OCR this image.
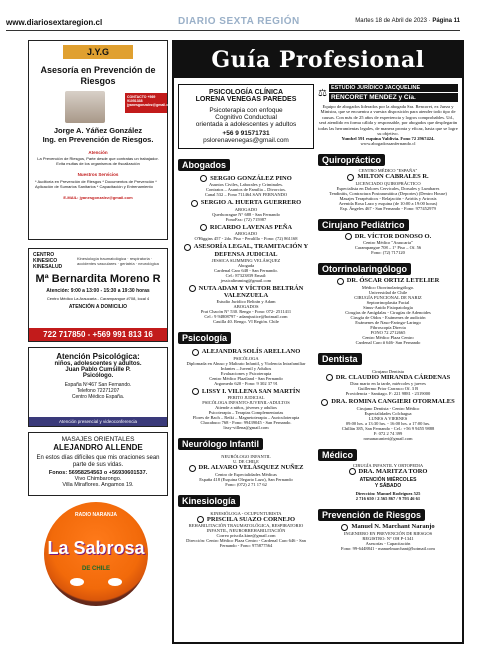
www.diariosextaregion.cl	DIARIO SEXTA REGIÓN	Martes 18 de Abril de 2023 · Página 11
J.Y.G
Asesoría en Prevención de Riesgos
CONTACTO +569 91051338 jyanesgonzalez@gmail.com
Jorge A. Yáñez González
Ing. en Prevención de Riesgos.
Atención
La Prevención de Riesgos, Parte desde que contratas un trabajador. Evita multas de los organismos de fiscalización
Nuestros Servicios
* Auditoría en Prevención de Riesgos * Documentos de Prevención * Aplicación de Sumarios Sanitarios * Capacitación y Entrenamiento
E-MAIL: jyanesgonzalez@gmail.com
CENTRO KINESICO KINESALUD
Kinesiología traumatológica · respiratoria · accidentes vasculares · geriatría · neurológica
Mª Bernardita Moreno R
Atención: 9:00 a 13:00 - 15:30 a 19:30 horas
Centro Médico La Araucaria - Carampangue #708, local 4
ATENCIÓN A DOMICILIO
722 717850 - +569 991 813 16
Atención Psicológica:
niños, adolescentes y adultos.
Juan Pablo Cumsille P.
Psicólogo.
España Nº467 San Fernando.
Telefono 72271207
Centro Médico España.
Atención presencial y videoconferencia
MASAJES ORIENTALES
ALEJANDRO ALLENDE
En estos días difíciles que mis oraciones sean parte de sus vidas.
Fonos: 56958254563 o +56930601537.
Vivo Chimbarongo.
Villa Miraflores. Angamos 19.
RADIO NARANJA
La Sabrosa
DE CHILE
Guía Profesional
PSICOLOGÍA CLÍNICA
LORENA VENEGAS PAREDES
Psicoterapia con enfoque
Cognitivo Conductual
orientada a adolescentes y adultos
+56 9 91571731
pslorenavenegas@gmail.com
Abogados
SERGIO GONZÁLEZ PINO
Asuntos Civiles, Laborales y Criminales.
Contratos – Asuntos de Familia – Divorcios.
Canal 532 – Fono 711464 SAN FERNANDO
SERGIO A. HUERTA GUERRERO
ABOGADO
Querhorrague N° 688 - San Fernando
FonoFax: (72) 715987
RICARDO LAVENAS PEÑA
ABOGADO
O'Higgins 457 - 2do. Piso - Peralillo - Fono: (72) 861168
ASESORÍA LEGAL, TRAMITACIÓN Y DEFENSA JUDICIAL
JESSICA SLIMMING VELÁSQUEZ
Abogada
Cardenal Caro 648 - San Fernando.
Cel.: 87323839 Email:
jessicalimming@gmail.com
NUTA ADAM Y VÍCTOR BELTRÁN VALENZUELA
Estudio Jurídico Beltrán y Adam
ABOGADOS
Prat Chacón N° 530. Rengo - Fono: 072- 2511411
Cel.: 9 94808797 - adamjustice@hotmail.com
Cauilla 40. Rengo. VI Región. Chile
Psicología
ALEJANDRA SOLÍS ARELLANO
PSICÓLOGA
Diplomada en Abuso y Maltrato Infantil, y Violencia Intrafamiliar
Infantes – Juvenil y Adultos
Evaluaciones y Psicoterapia
Centro Médico Plaziland - San Fernando
Argomedo 620 - Fono: 9 302 37 91
LISSY I. VILLENA SAN MARTÍN
PERITO JUDICIAL
PSICÓLOGA INFANTO-JUVENIL-ADULTOS
Atiende a niños, jóvenes y adultos
Psicoterapia – Terapias Complementarias
Flores de Bach – Reiki – Magnetoterapia – Auriculoterapia
Chacabuco 768 - Fono: 99439045 - San Fernando.
lissy-villena@gmail.com
Neurólogo Infantil
NEURÓLOGO INFANTIL
U. DE CHILE
DR. ALVARO VELÁSQUEZ NUÑEZ
Centro de Especialidades Médicas
España 418 (Esquina Olegario Lazo), San Fernando
Fono: (072) 2 71 17 62
Kinesiología
KINESIÓLOGA - OCUPUNTURISTA
PRISCILA SUAZO CORNEJO
REHABILITACIÓN TRAUMATOLÓGICA, RESPIRATORIO INFANTIL, NEURORREHABILITACIÓN
Correo priscila.kine@gmail.com
Dirección: Centro Médico Plaza Centro - Cardenal Caro 646 - San Fernando - Fono: 975877564
⚖ ESTUDIO JURÍDICO JACQUELINE
RENCORET MENDEZ y Cía.
Equipo de abogados liderados por la abogada Sra. Rencoret, ex Jueza y Ministra, que se encuentra a vuestra disposición para atender todo tipo de causas. Con más de 25 años de experiencia y logros comprobables. Ud., será atendido en forma cálida y responsable, por abogados que desplegarán todas las herramientas legales, de manera pronta y eficaz, hasta que se logre su objetivo.
Yumbel 591 esquina Valdivia. Fono 72 2967424.
www.abogadossanfernando.cl
Quiropráctico
CENTRO MÉDICO "ESPAÑA"
MILTON CABRALES R.
LICENCIADO QUIROPRÁCTICO
Especialista en Dolores Cervicales, Dorsales y Lumbares
Tendinitis, Contractura Postraumática (Deportes) (Dentro House)
Masajes Terapéuticos - Relajación - Artritis y Artrosis
Avenida Rosa Lazo y esquina (de 10:00 a 19:00 horas)
Esp. Ángeles 467 - San Fernando - Fono: 977452979
Cirujano Pediátrico
DR. VÍCTOR DONOSO O.
Centro Médico "Araucaria"
Carampangue 708 – 1° Piso – Of. 56
Fono: (72) 717120
Otorrinolaringólogo
DR. ÓSCAR ORTIZ LETELIER
Médico Otorrinolaringólogo.
Universidad de Chile
CIRUGÍA FUNCIONAL DE NARIZ
Septorrinoplastia Facial
Sinus-Anido Fisiopatología
Cirugías de Amígdalas - Cirugías de Adenoides
Cirugía de Oídos - Exámenes de audición
Exámenes de Naso-Faringo-Laringo
Fibroscopía Directa
FONO 72 2712665
Centro Médico Plaza Centro
Cardenal Caro # 646- San Fernando
Dentista
Cirujano Dentista
DR. CLAUDIO MIRANDA CÁRDENAS
Diaz marto en la tarde, miércoles y jueves
Guillermo Prior Carrasco Of. 3 B
Providencia - Santiago. F: 221 9881 - 2319000
DRA. ROMINA CANGIERI OTORMALES
Cirujano Dentista - Centro Médico
Especialidades Colchagua
LUNES A VIERNES
09:00 hrs. a 13:30 hrs. - 16:00 hrs. a 17:00 hrs.
Chillán 385, San Fernando - Cel.: +56 9 9455 9888
F: 072 2 74 399
romanacanieri@gmail.com
Médico
CIRUGÍA INFANTIL Y ORTOPEDIA
DRA. MARITZA TORO
ATENCIÓN MIÉRCOLES Y SÁBADO
Dirección: Manuel Rodríguez 525
2 716 650 / 2 565 867 / 9 793 46 61
Prevención de Riesgos
Manuel N. Marchant Naranjo
INGENIERO EN PREVENCIÓN DE RIESGOS
REGISTRO: N° OH P-1341
Asesorías - Capacitación
Fono: 99-6448841 - manuelmarchant@hotmail.com
